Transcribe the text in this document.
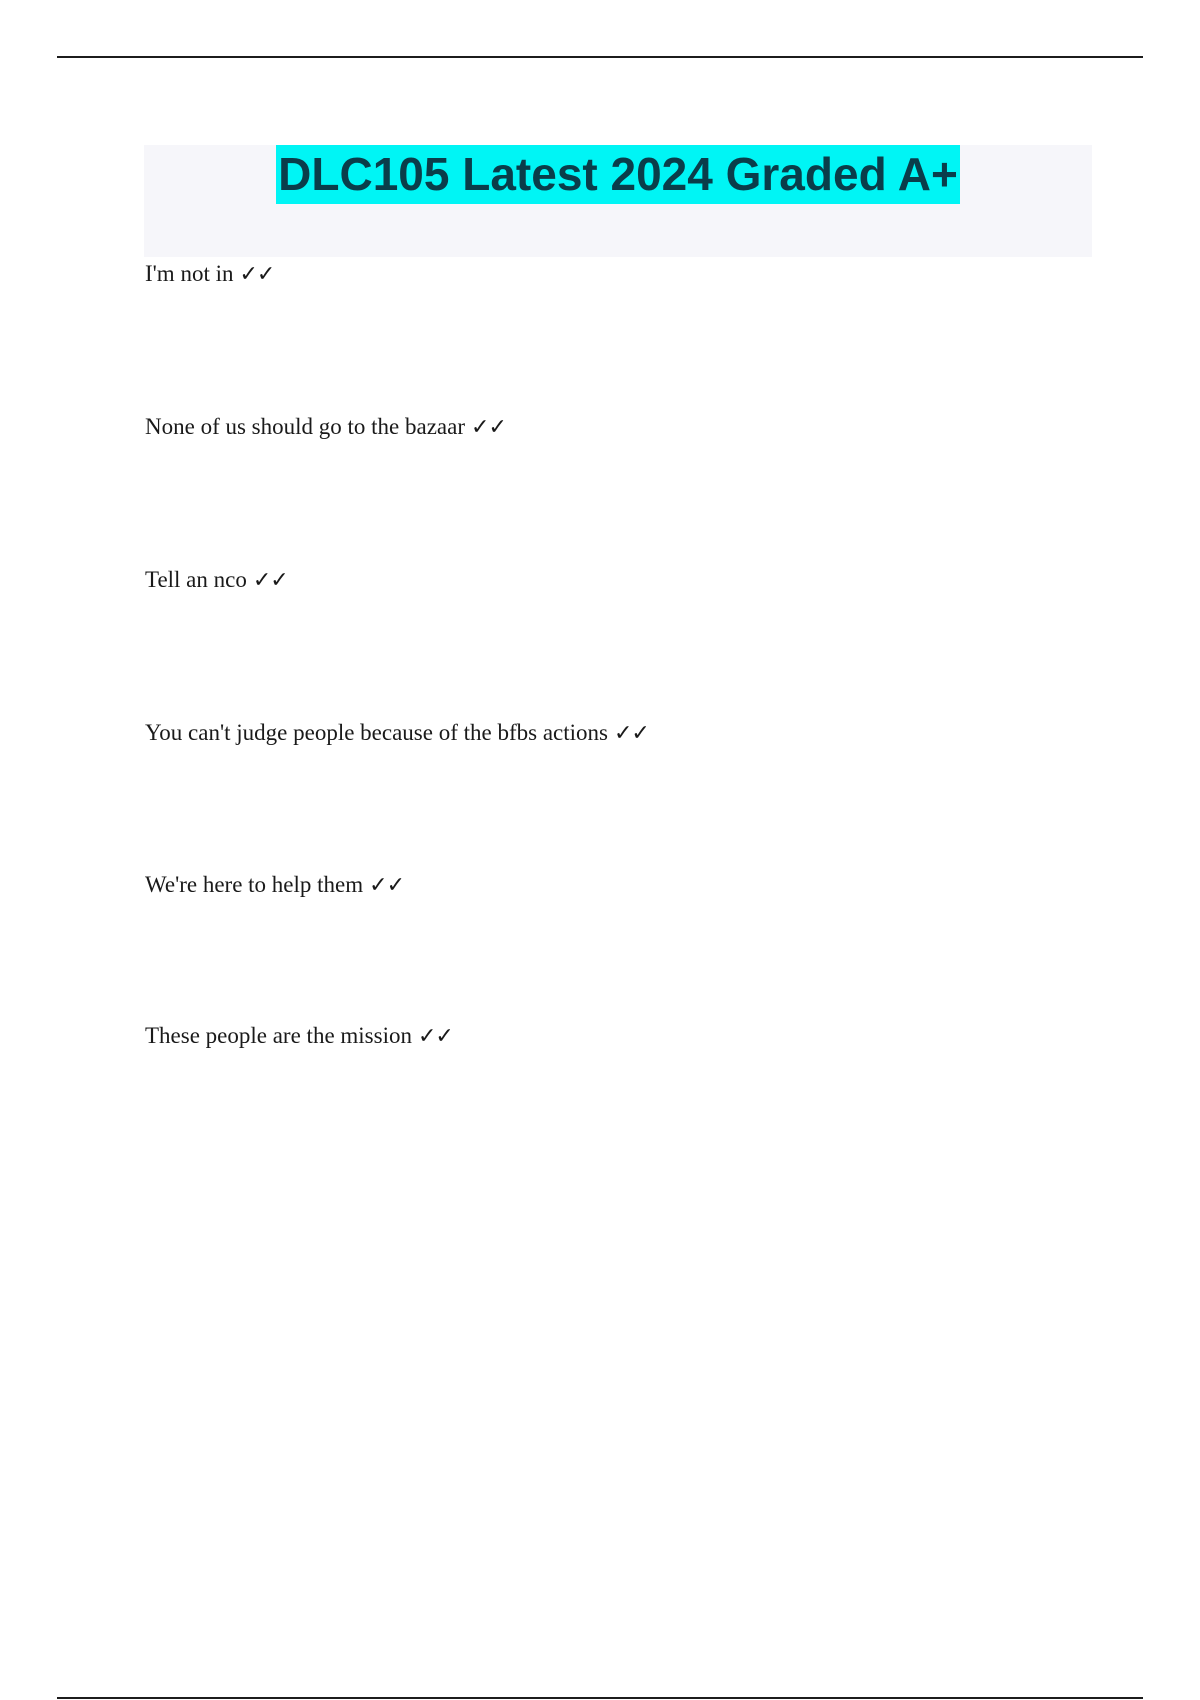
DLC105 Latest 2024 Graded A+
I'm not in ✓✓
None of us should go to the bazaar ✓✓
Tell an nco ✓✓
You can't judge people because of the bfbs actions ✓✓
We're here to help them ✓✓
These people are the mission ✓✓
